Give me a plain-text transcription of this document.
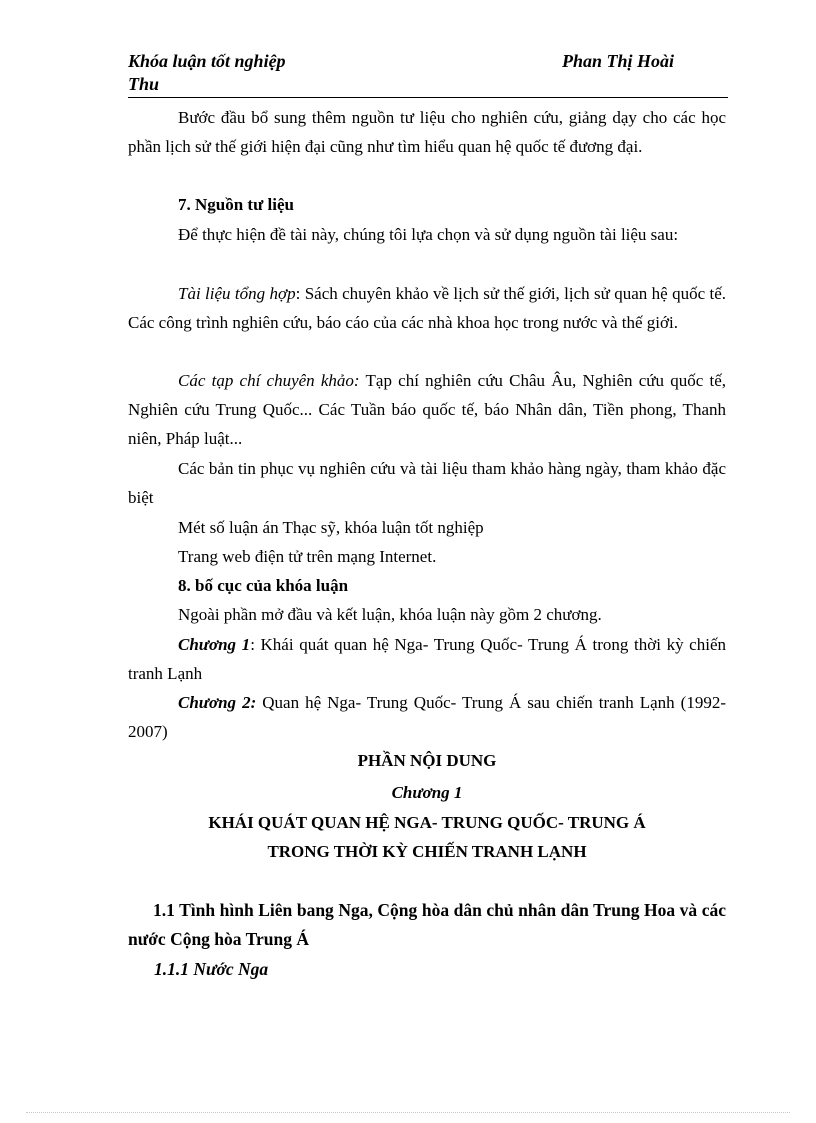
Khóa luận tốt nghiệp
Thu
Phan Thị Hoài
Bước đầu bổ sung thêm nguồn tư liệu cho nghiên cứu, giảng dạy cho các học phần lịch sử thế giới hiện đại cũng như tìm hiểu quan hệ quốc tế đương đại.
7. Nguồn tư liệu
Để thực hiện đề tài này, chúng tôi lựa chọn và sử dụng nguồn tài liệu sau:
Tài liệu tổng hợp: Sách chuyên khảo về lịch sử thế giới, lịch sử quan hệ quốc tế. Các công trình nghiên cứu, báo cáo của các nhà khoa học trong nước và thế giới.
Các tạp chí chuyên khảo: Tạp chí nghiên cứu Châu Âu, Nghiên cứu quốc tế, Nghiên cứu Trung Quốc... Các Tuần báo quốc tế, báo Nhân dân, Tiền phong, Thanh niên, Pháp luật...
Các bản tin phục vụ nghiên cứu và tài liệu tham khảo hàng ngày, tham khảo đặc biệt
Mét số luận án Thạc sỹ, khóa luận tốt nghiệp
Trang web điện tử trên mạng Internet.
8. bố cục của khóa luận
Ngoài phần mở đầu và kết luận, khóa luận này gồm 2 chương.
Chương 1: Khái quát quan hệ Nga- Trung Quốc- Trung Á trong thời kỳ chiến tranh Lạnh
Chương 2: Quan hệ Nga- Trung Quốc- Trung Á sau chiến tranh Lạnh (1992- 2007)
PHẦN NỘI DUNG
Chương 1
KHÁI QUÁT QUAN HỆ NGA- TRUNG QUỐC- TRUNG Á
TRONG THỜI KỲ CHIẾN TRANH LẠNH
1.1 Tình hình Liên bang Nga, Cộng hòa dân chủ nhân dân Trung Hoa và các nước Cộng hòa Trung Á
1.1.1 Nước Nga
